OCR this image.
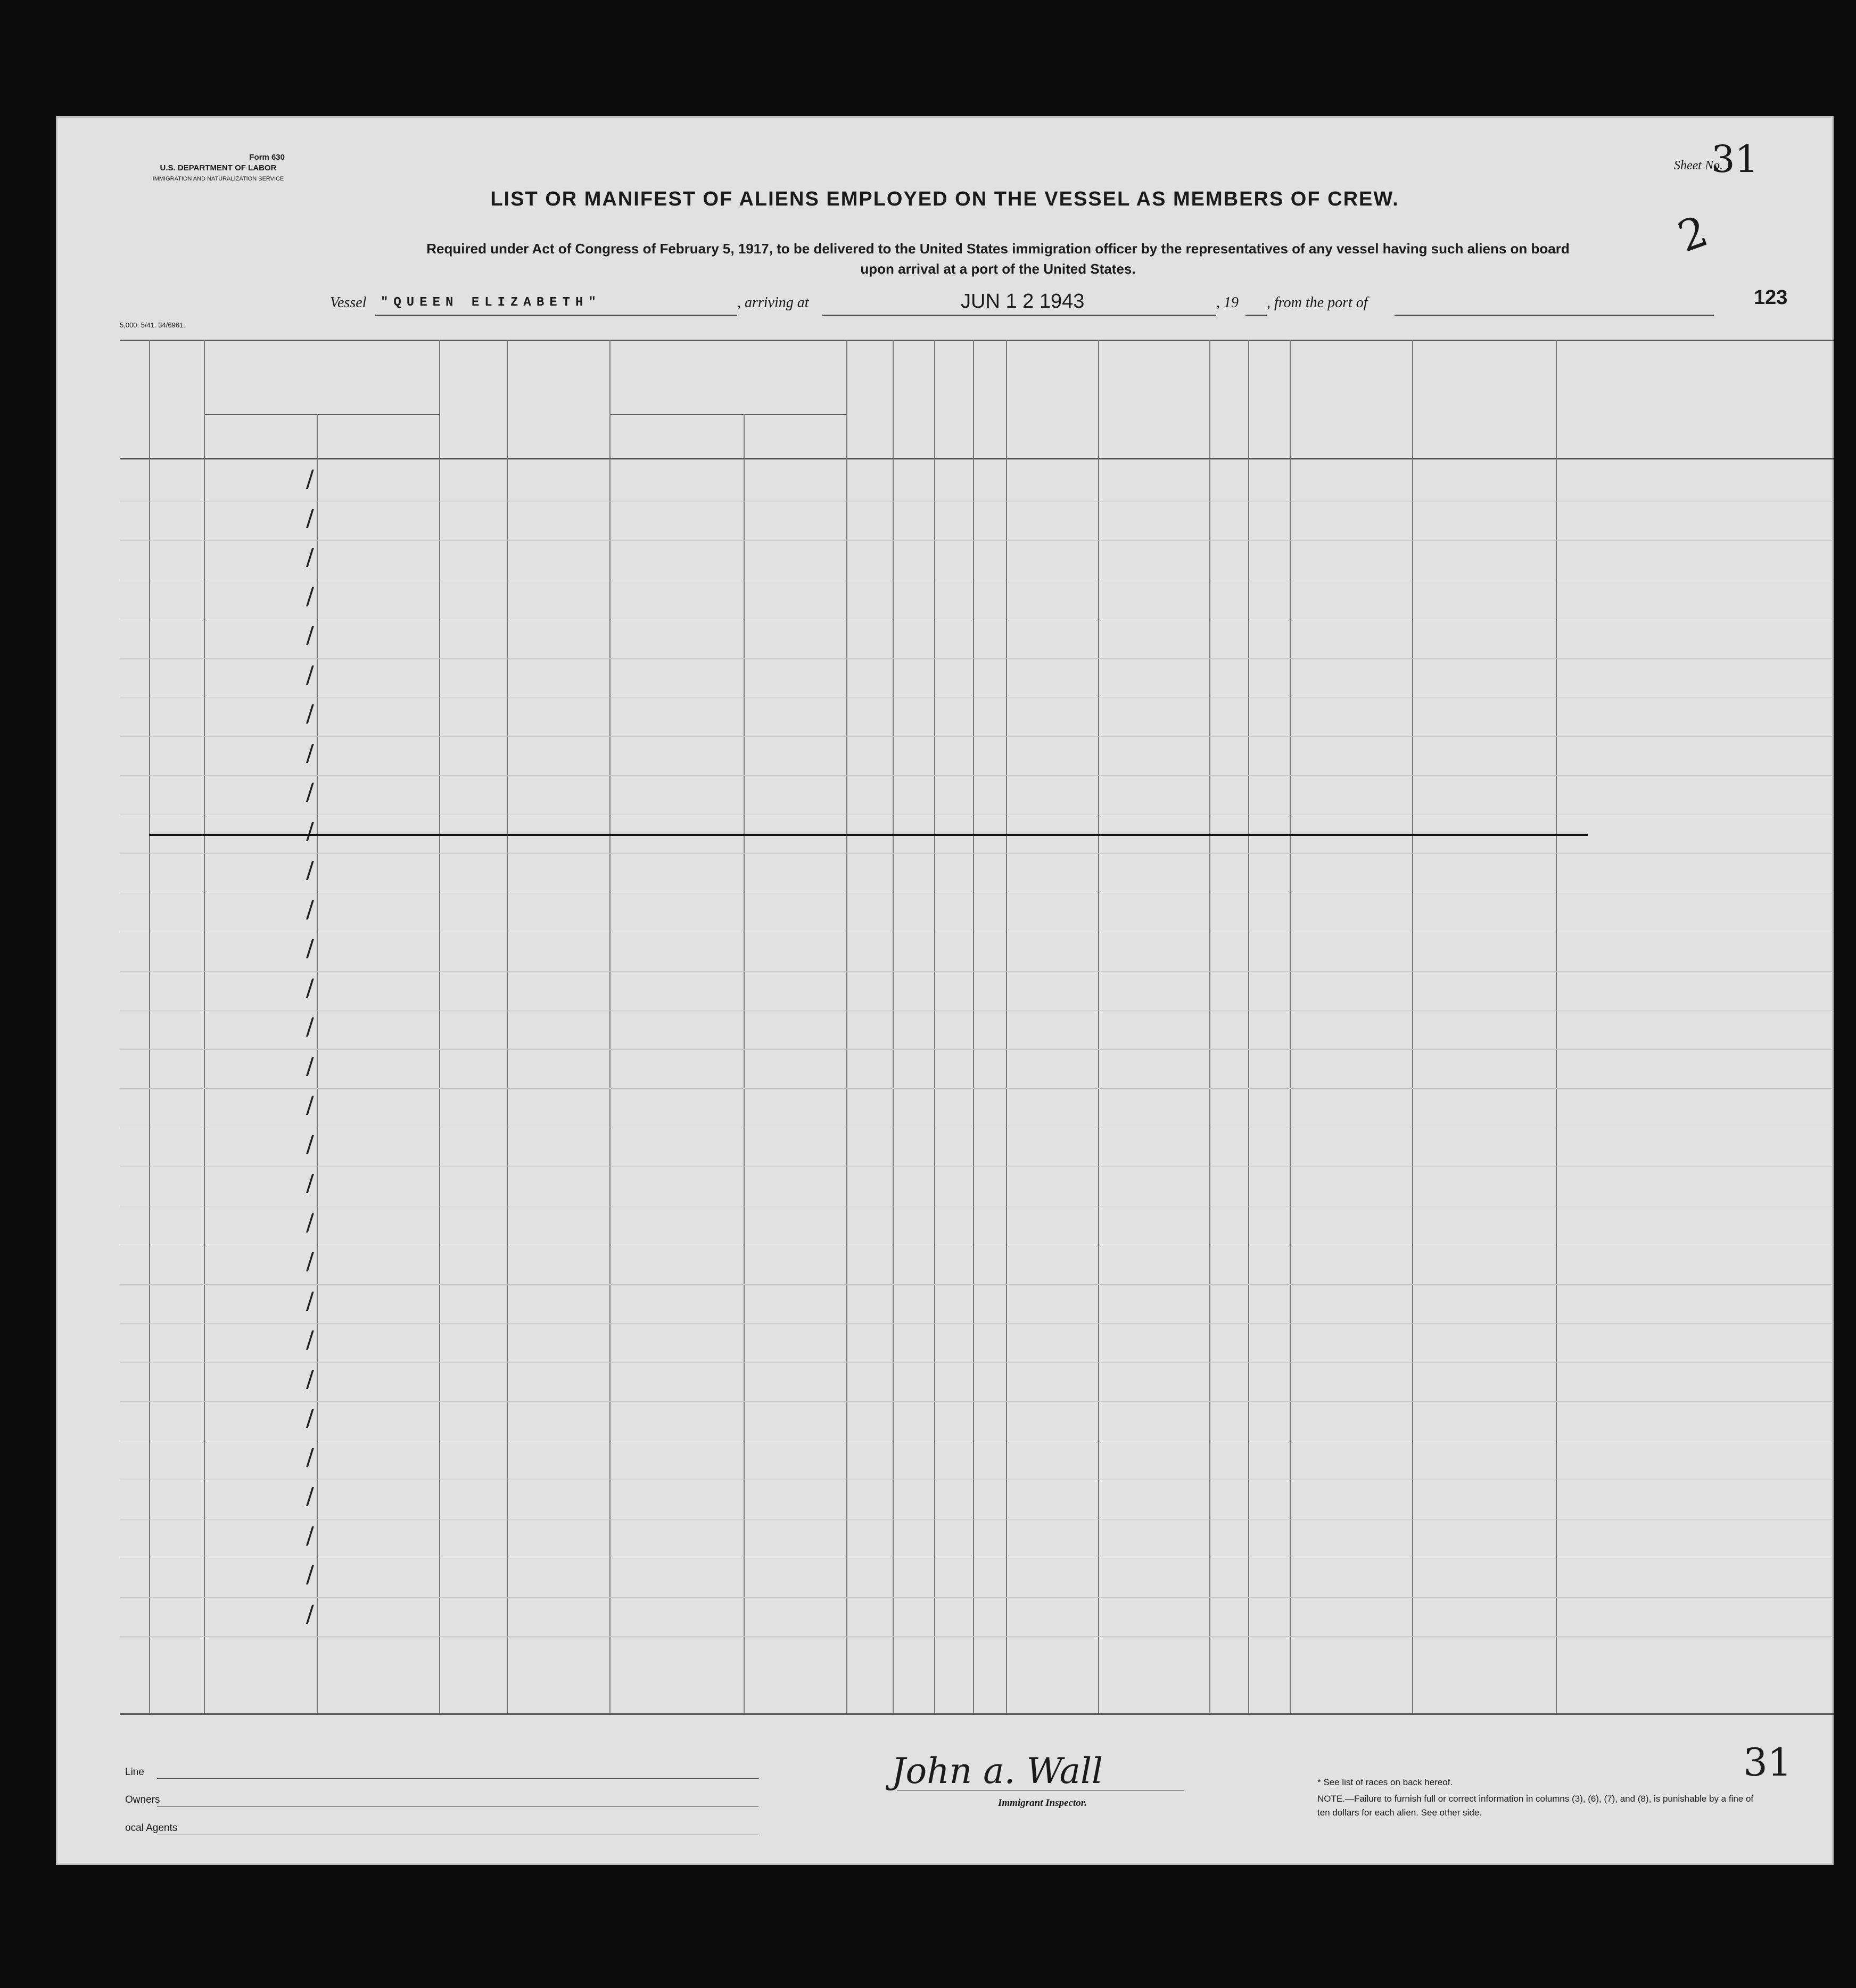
Form 630
U.S. DEPARTMENT OF LABOR
IMMIGRATION AND NATURALIZATION SERVICE
Sheet No.
31
2
LIST OR MANIFEST OF ALIENS EMPLOYED ON THE VESSEL AS MEMBERS OF CREW.
Required under Act of Congress of February 5, 1917, to be delivered to the United States immigration officer by the representatives of any vessel having such aliens on board
upon arrival at a port of the United States.
Vessel "QUEEN ELIZABETH"	, arriving at	JUN 1 2 1943	, 19 , from the port of	123
5,000. 5/41. 34/6961.
/
/
/
/
/
/
/
/
/
/
/
/
/
/
/
/
/
/
/
/
/
/
/
/
/
/
/
/
/
/
Line
Owners
ocal Agents
John a. Wall
Immigrant Inspector.
* See list of races on back hereof.
NOTE.—Failure to furnish full or correct information in columns (3), (6), (7), and (8), is punishable by a fine of ten dollars for each alien. See other side.
31
